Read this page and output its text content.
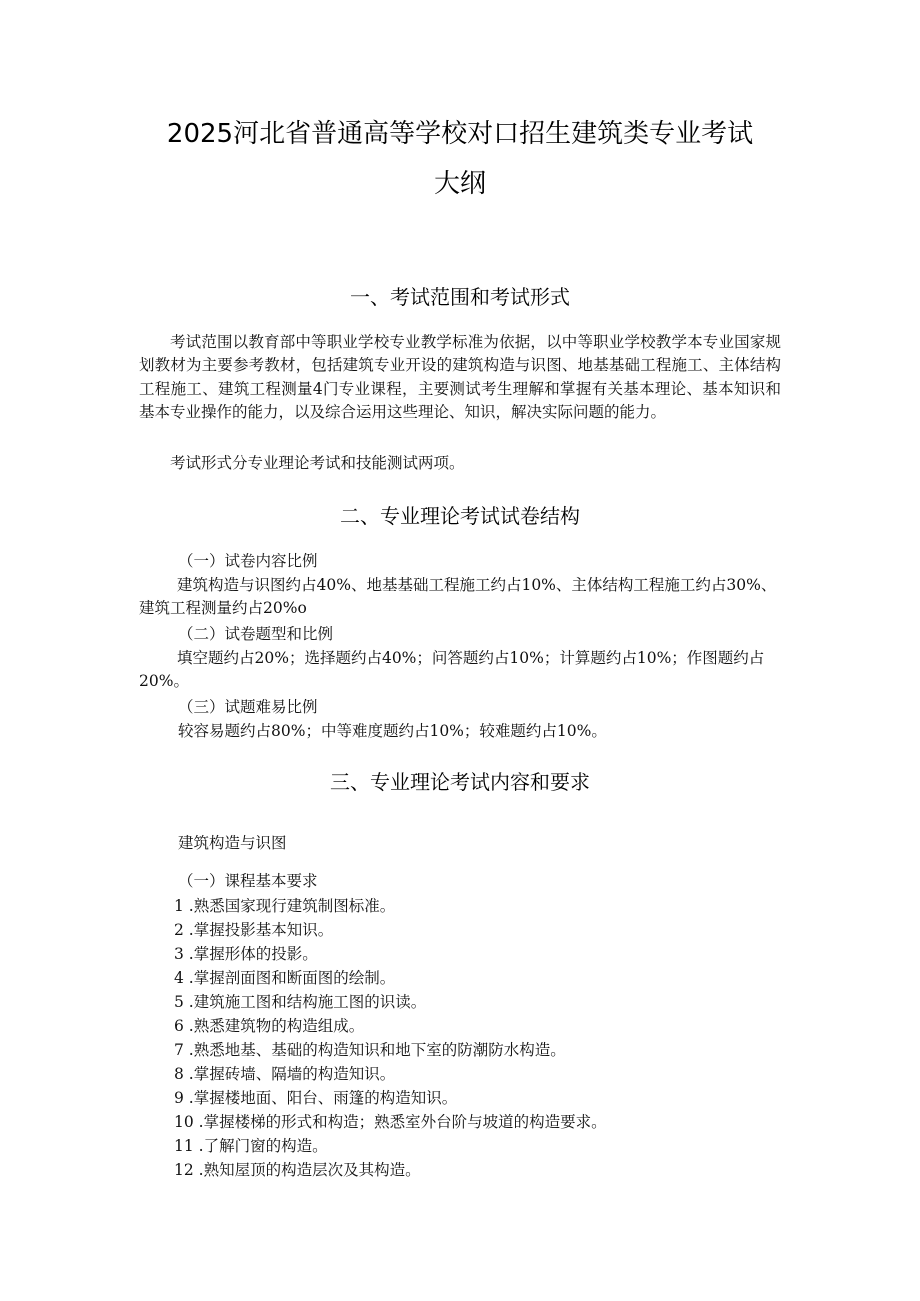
2025河北省普通高等学校对口招生建筑类专业考试
大纲
一、考试范围和考试形式
考试范围以教育部中等职业学校专业教学标准为依据，以中等职业学校教学本专业国家规划教材为主要参考教材，包括建筑专业开设的建筑构造与识图、地基基础工程施工、主体结构工程施工、建筑工程测量4门专业课程，主要测试考生理解和掌握有关基本理论、基本知识和基本专业操作的能力，以及综合运用这些理论、知识，解决实际问题的能力。
考试形式分专业理论考试和技能测试两项。
二、专业理论考试试卷结构
（一）试卷内容比例
建筑构造与识图约占40%、地基基础工程施工约占10%、主体结构工程施工约占30%、建筑工程测量约占20%o
（二）试卷题型和比例
填空题约占20%；选择题约占40%；问答题约占10%；计算题约占10%；作图题约占20%。
（三）试题难易比例
较容易题约占80%；中等难度题约占10%；较难题约占10%。
三、专业理论考试内容和要求
建筑构造与识图
（一）课程基本要求
1 .熟悉国家现行建筑制图标准。
2 .掌握投影基本知识。
3 .掌握形体的投影。
4 .掌握剖面图和断面图的绘制。
5 .建筑施工图和结构施工图的识读。
6 .熟悉建筑物的构造组成。
7 .熟悉地基、基础的构造知识和地下室的防潮防水构造。
8 .掌握砖墙、隔墙的构造知识。
9 .掌握楼地面、阳台、雨篷的构造知识。
10 .掌握楼梯的形式和构造；熟悉室外台阶与坡道的构造要求。
11 .了解门窗的构造。
12 .熟知屋顶的构造层次及其构造。
